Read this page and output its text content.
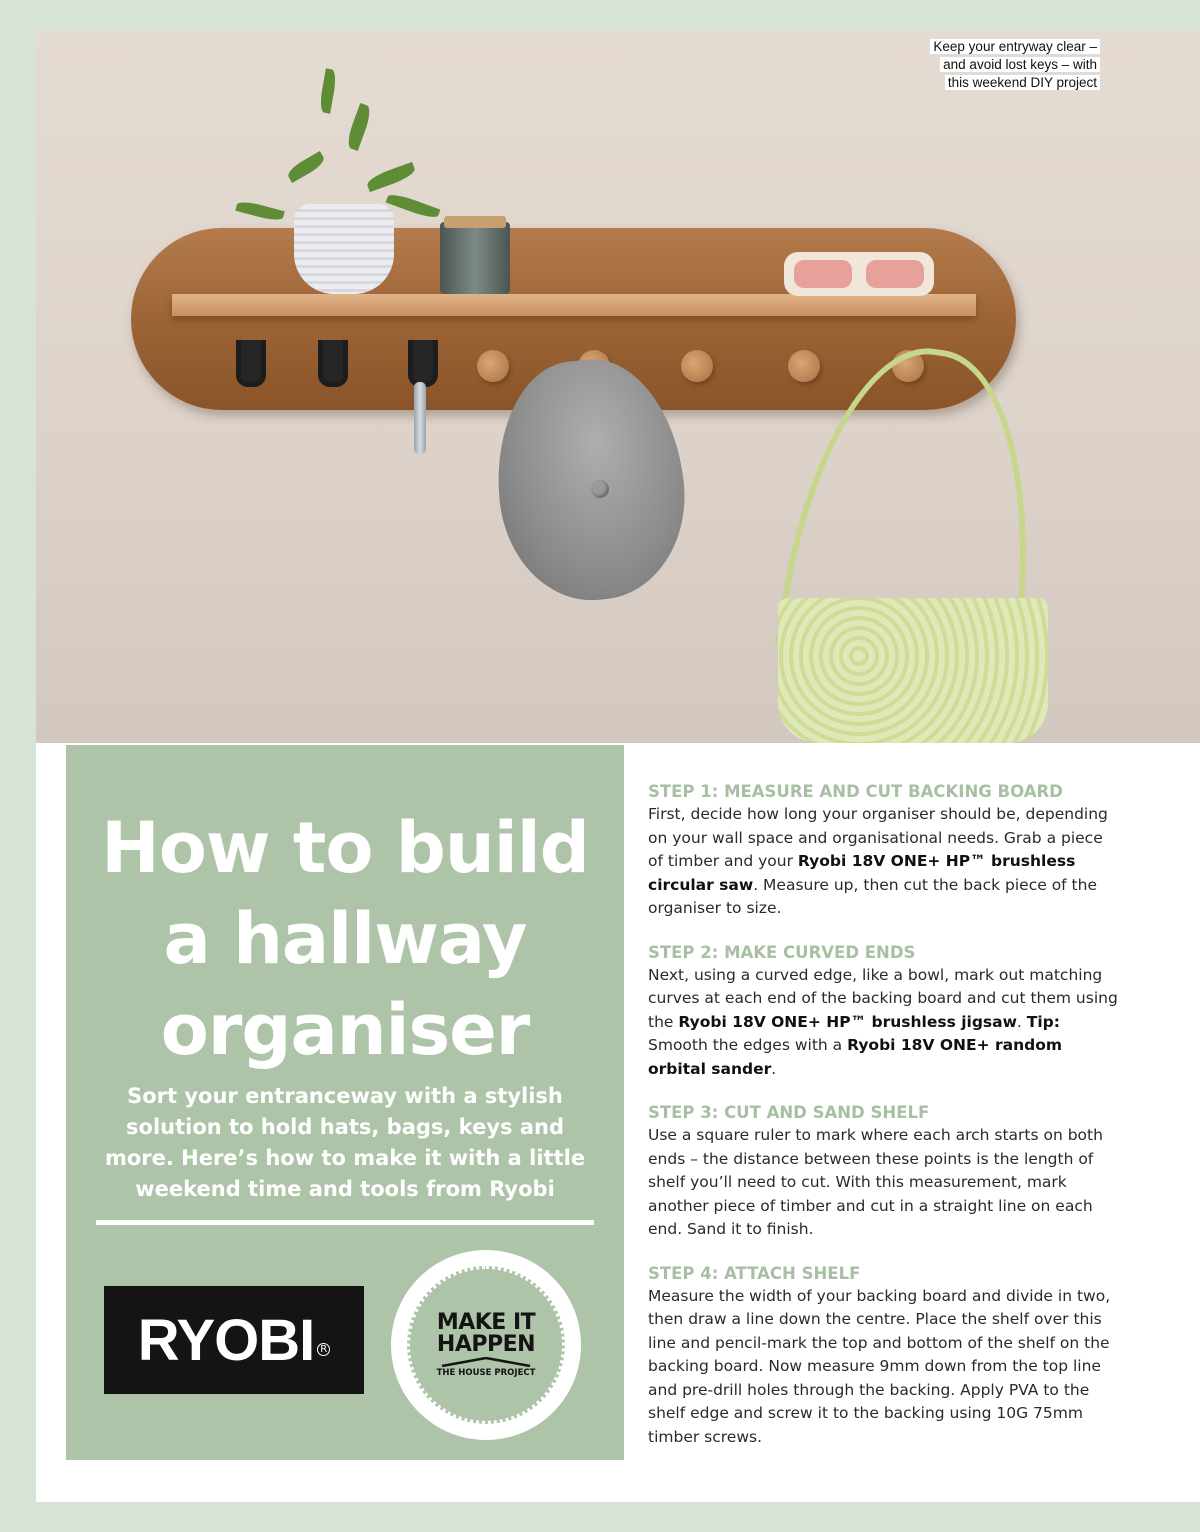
Keep your entryway clear –
and avoid lost keys – with
this weekend DIY project
How to build
a hallway
organiser

Sort your entranceway with a stylish solution to hold hats, bags, keys and more. Here’s how to make it with a little weekend time and tools from Ryobi

RYOBI R
MAKE IT
HAPPEN
THE HOUSE PROJECT
STEP 1: MEASURE AND CUT BACKING BOARD

First, decide how long your organiser should be, depending on your wall space and organisational needs. Grab a piece of timber and your Ryobi 18V ONE+ HP™ brushless circular saw. Measure up, then cut the back piece of the organiser to size.

STEP 2: MAKE CURVED ENDS

Next, using a curved edge, like a bowl, mark out matching curves at each end of the backing board and cut them using the Ryobi 18V ONE+ HP™ brushless jigsaw. Tip: Smooth the edges with a Ryobi 18V ONE+ random orbital sander.

STEP 3: CUT AND SAND SHELF

Use a square ruler to mark where each arch starts on both ends – the distance between these points is the length of shelf you’ll need to cut. With this measurement, mark another piece of timber and cut in a straight line on each end. Sand it to finish.

STEP 4: ATTACH SHELF

Measure the width of your backing board and divide in two, then draw a line down the centre. Place the shelf over this line and pencil-mark the top and bottom of the shelf on the backing board. Now measure 9mm down from the top line and pre-drill holes through the backing. Apply PVA to the shelf edge and screw it to the backing using 10G 75mm timber screws.
